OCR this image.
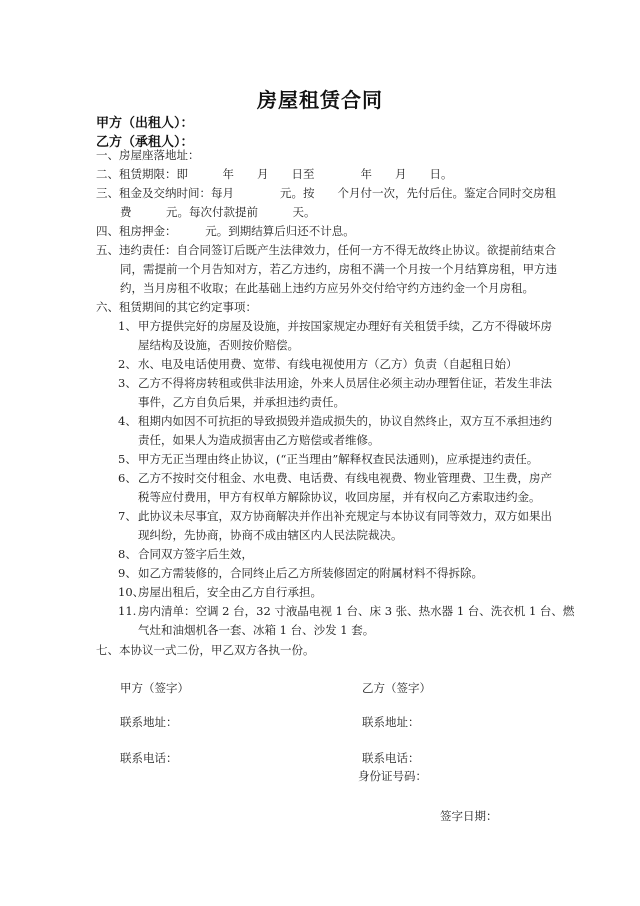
房屋租赁合同
甲方（出租人）：
乙方（承租人）：
一、房屋座落地址：
二、租赁期限：即　　　年　　月　　日至　　　　年　　月　　日。
三、租金及交纳时间：每月　　　　元。按　　个月付一次，先付后住。鉴定合同时交房租
费　　　元。每次付款提前　　　天。
四、租房押金：　　　元。到期结算后归还不计息。
五、违约责任：自合同签订后既产生法律效力，任何一方不得无故终止协议。欲提前结束合
同，需提前一个月告知对方，若乙方违约，房租不满一个月按一个月结算房租，甲方违
约，当月房租不收取；在此基础上违约方应另外交付给守约方违约金一个月房租。
六、租赁期间的其它约定事项：
1、甲方提供完好的房屋及设施，并按国家规定办理好有关租赁手续，乙方不得破坏房
屋结构及设施，否则按价赔偿。
2、水、电及电话使用费、宽带、有线电视使用方（乙方）负责（自起租日始）
3、乙方不得将房转租或供非法用途，外来人员居住必须主动办理暂住证，若发生非法
事件，乙方自负后果，并承担违约责任。
4、租期内如因不可抗拒的导致损毁并造成损失的，协议自然终止，双方互不承担违约
责任，如果人为造成损害由乙方赔偿或者维修。
5、甲方无正当理由终止协议，(“正当理由”解释权查民法通则)，应承提违约责任。
6、乙方不按时交付租金、水电费、电话费、有线电视费、物业管理费、卫生费，房产
税等应付费用，甲方有权单方解除协议，收回房屋，并有权向乙方索取违约金。
7、此协议未尽事宜，双方协商解决并作出补充规定与本协议有同等效力，双方如果出
现纠纷，先协商，协商不成由辖区内人民法院裁决。
8、合同双方签字后生效，
9、如乙方需装修的，合同终止后乙方所装修固定的附属材料不得拆除。
10、房屋出租后，安全由乙方自行承担。
11. 房内清单：空调 2 台，32 寸液晶电视 1 台、床 3 张、热水器 1 台、洗衣机 1 台、燃
气灶和油烟机各一套、冰箱 1 台、沙发 1 套。
七、本协议一式二份，甲乙双方各执一份。
甲方（签字）	乙方（签字）
联系地址：	联系地址：
联系电话：	联系电话：
身份证号码：
签字日期：
